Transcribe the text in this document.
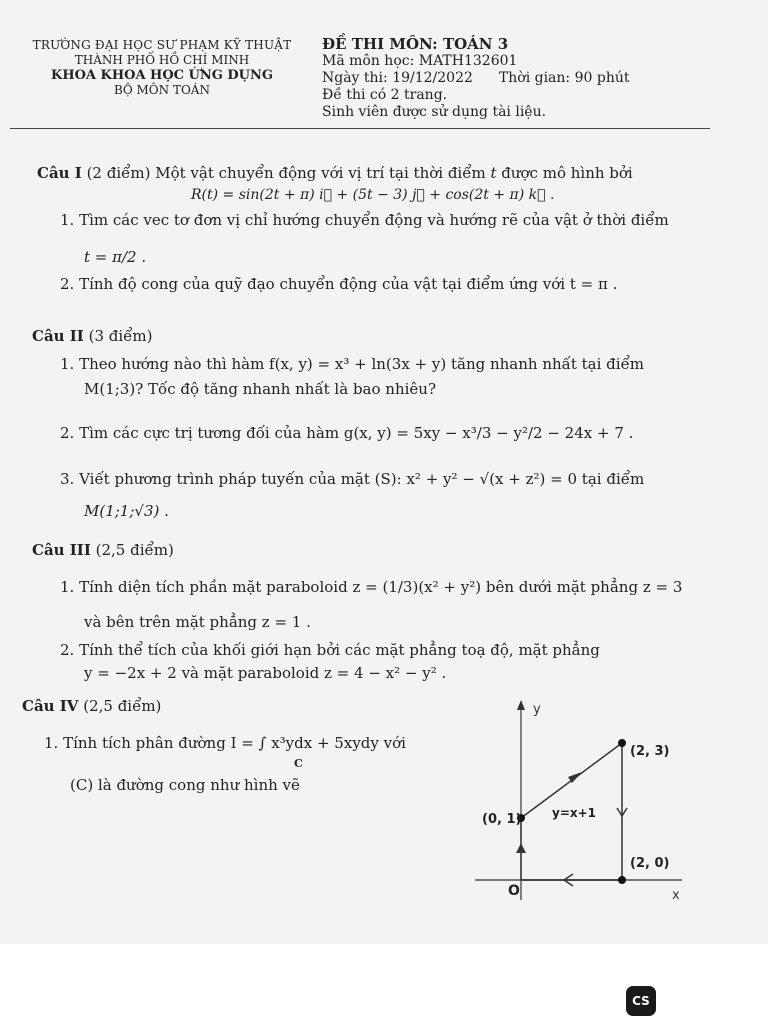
TRƯỜNG ĐẠI HỌC SƯ PHẠM KỸ THUẬT
THÀNH PHỐ HỒ CHÍ MINH
KHOA KHOA HỌC ỨNG DỤNG
BỘ MÔN TOÁN
ĐỀ THI MÔN: TOÁN 3
Mã môn học: MATH132601
Ngày thi: 19/12/2022 Thời gian: 90 phút
Đề thi có 2 trang.
Sinh viên được sử dụng tài liệu.
Câu I (2 điểm) Một vật chuyển động với vị trí tại thời điểm t được mô hình bởi
R(t) = sin(2t + π) i⃗ + (5t − 3) j⃗ + cos(2t + π) k⃗ .
1. Tìm các vec tơ đơn vị chỉ hướng chuyển động và hướng rẽ của vật ở thời điểm
t = π/2 .
2. Tính độ cong của quỹ đạo chuyển động của vật tại điểm ứng với t = π .
Câu II (3 điểm)
1. Theo hướng nào thì hàm f(x, y) = x³ + ln(3x + y) tăng nhanh nhất tại điểm
M(1;3)? Tốc độ tăng nhanh nhất là bao nhiêu?
2. Tìm các cực trị tương đối của hàm g(x, y) = 5xy − x³/3 − y²/2 − 24x + 7 .
3. Viết phương trình pháp tuyến của mặt (S): x² + y² − √(x + z²) = 0 tại điểm
M(1;1;√3) .
Câu III (2,5 điểm)
1. Tính diện tích phần mặt paraboloid z = (1/3)(x² + y²) bên dưới mặt phẳng z = 3
và bên trên mặt phẳng z = 1 .
2. Tính thể tích của khối giới hạn bởi các mặt phẳng toạ độ, mặt phẳng
y = −2x + 2 và mặt paraboloid z = 4 − x² − y² .
Câu IV (2,5 điểm)
1. Tính tích phân đường I = ∫ x³ydx + 5xydy với
C
(C) là đường cong như hình vẽ
y
x
O
(2, 3)
(0, 1)
(2, 0)
y=x+1
CS
